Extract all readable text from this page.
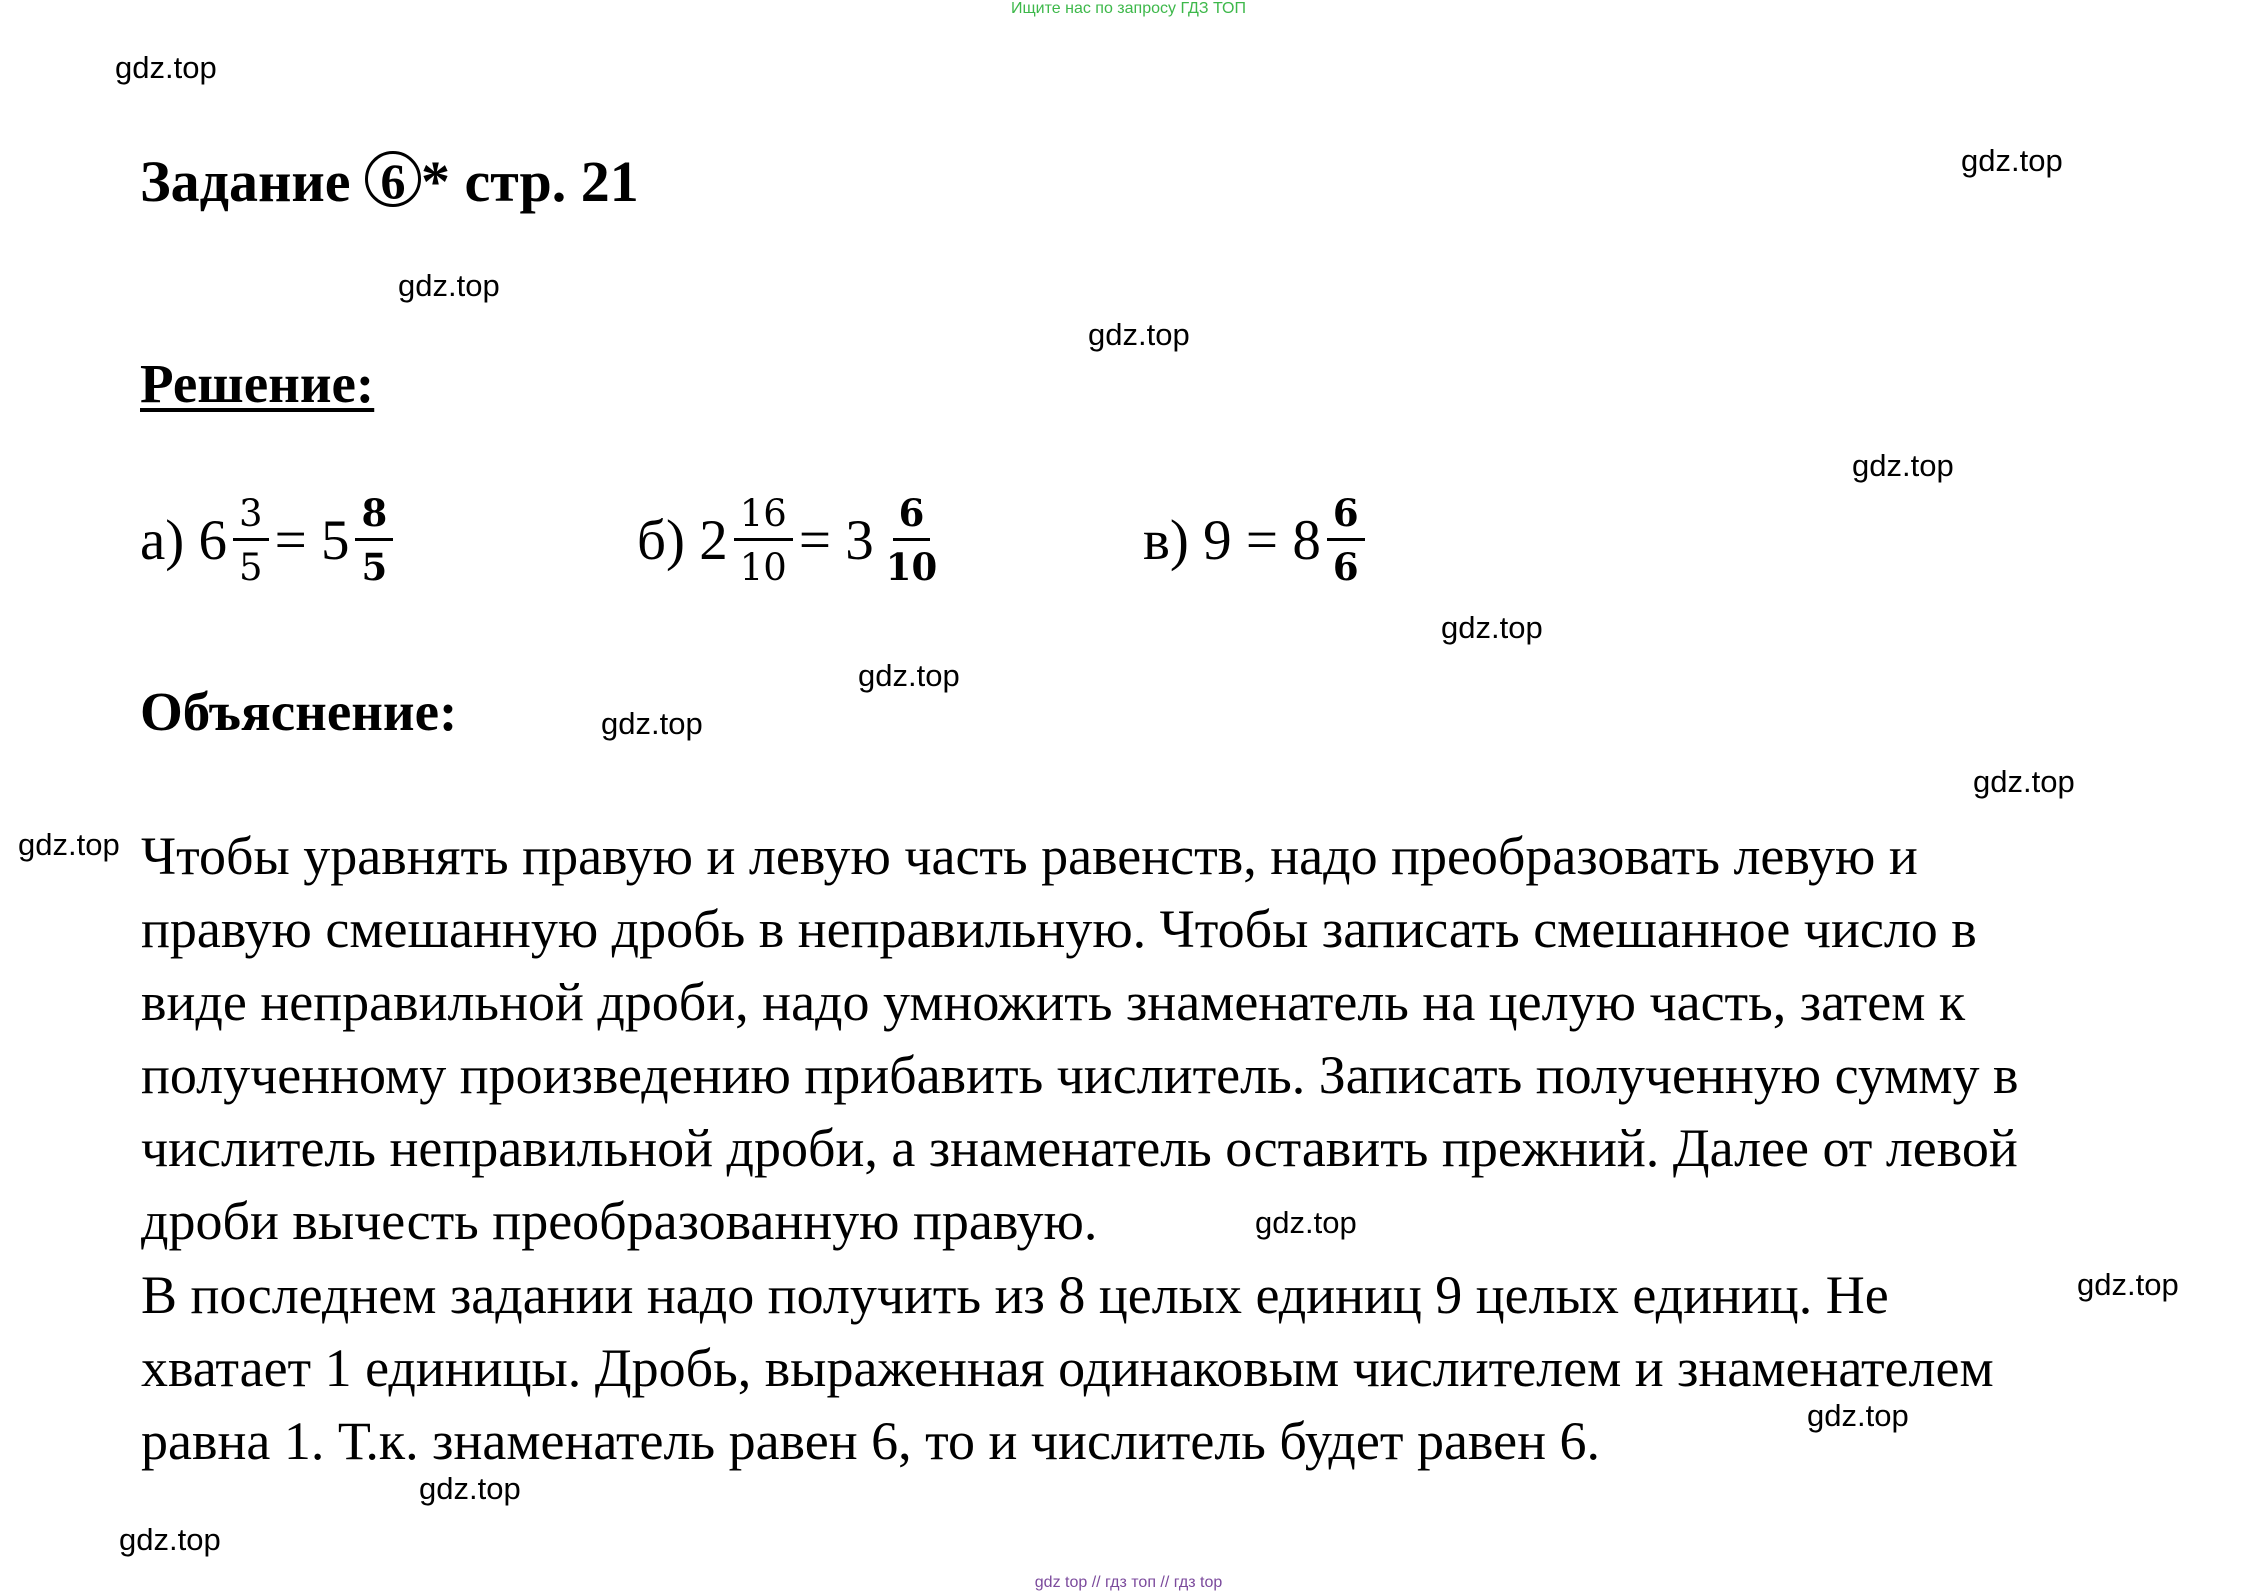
Ищите нас по запросу ГДЗ ТОП
gdz.top
gdz.top
gdz.top
gdz.top
gdz.top
gdz.top
gdz.top
gdz.top
gdz.top
gdz.top
gdz.top
gdz.top
gdz.top
gdz.top
gdz.top
Задание 6 * стр. 21
Решение:
а)
$6 \frac{3}{5}$ =
$5 \frac{8}{5}$	б)
$2 \frac{16}{10}$ =
$3 \frac{6}{10}$	в)
9
=
$8 \frac{6}{6}$
Объяснение:
Чтобы уравнять правую и левую часть равенств, надо преобразовать левую и
правую смешанную дробь в неправильную. Чтобы записать смешанное число в
виде неправильной дроби, надо умножить знаменатель на целую часть, затем к
полученному произведению прибавить числитель. Записать полученную сумму в
числитель неправильной дроби, а знаменатель оставить прежний. Далее от левой
дроби вычесть преобразованную правую.
В последнем задании надо получить из 8 целых единиц 9 целых единиц. Не
хватает 1 единицы. Дробь, выраженная одинаковым числителем и знаменателем
равна 1. Т.к. знаменатель равен 6, то и числитель будет равен 6.
gdz top // гдз топ // гдз top
